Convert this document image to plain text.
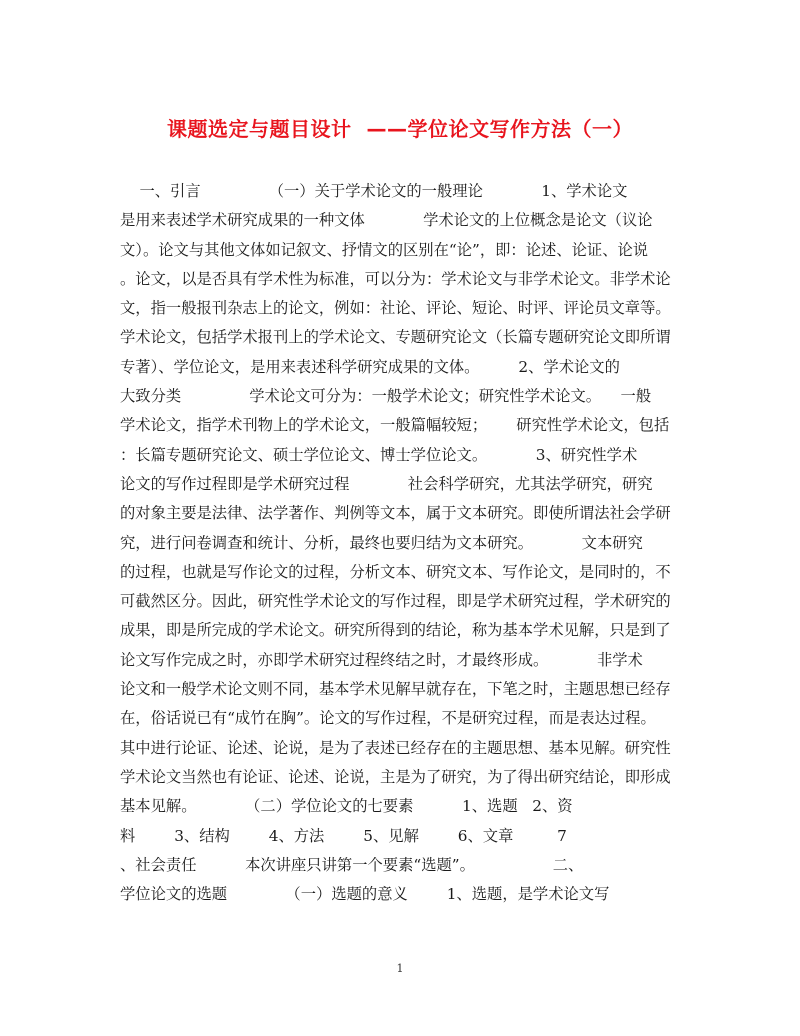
课题选定与题目设计  ——学位论文写作方法（一）
一、引言              （一）关于学术论文的一般理论            1、学术论文
是用来表述学术研究成果的一种文体            学术论文的上位概念是论文（议论
文）。论文与其他文体如记叙文、抒情文的区别在“论”，即：论述、论证、论说
。论文，以是否具有学术性为标准，可以分为：学术论文与非学术论文。非学术论
文，指一般报刊杂志上的论文，例如：社论、评论、短论、时评、评论员文章等。
学术论文，包括学术报刊上的学术论文、专题研究论文（长篇专题研究论文即所谓
专著）、学位论文，是用来表述科学研究成果的文体。        2、学术论文的
大致分类              学术论文可分为：一般学术论文；研究性学术论文。    一般
学术论文，指学术刊物上的学术论文，一般篇幅较短；      研究性学术论文，包括
：长篇专题研究论文、硕士学位论文、博士学位论文。          3、研究性学术
论文的写作过程即是学术研究过程            社会科学研究，尤其法学研究，研究
的对象主要是法律、法学著作、判例等文本，属于文本研究。即使所谓法社会学研
究，进行问卷调查和统计、分析，最终也要归结为文本研究。          文本研究
的过程，也就是写作论文的过程，分析文本、研究文本、写作论文，是同时的，不
可截然区分。因此，研究性学术论文的写作过程，即是学术研究过程，学术研究的
成果，即是所完成的学术论文。研究所得到的结论，称为基本学术见解，只是到了
论文写作完成之时，亦即学术研究过程终结之时，才最终形成。          非学术
论文和一般学术论文则不同，基本学术见解早就存在，下笔之时，主题思想已经存
在，俗话说已有“成竹在胸”。论文的写作过程，不是研究过程，而是表达过程。
其中进行论证、论述、论说，是为了表述已经存在的主题思想、基本见解。研究性
学术论文当然也有论证、论述、论说，主是为了研究，为了得出研究结论，即形成
基本见解。          （二）学位论文的七要素          1、选题   2、资
料        3、结构        4、方法        5、见解        6、文章         7
、社会责任          本次讲座只讲第一个要素“选题”。                二、
学位论文的选题            （一）选题的意义        1、选题，是学术论文写
1
